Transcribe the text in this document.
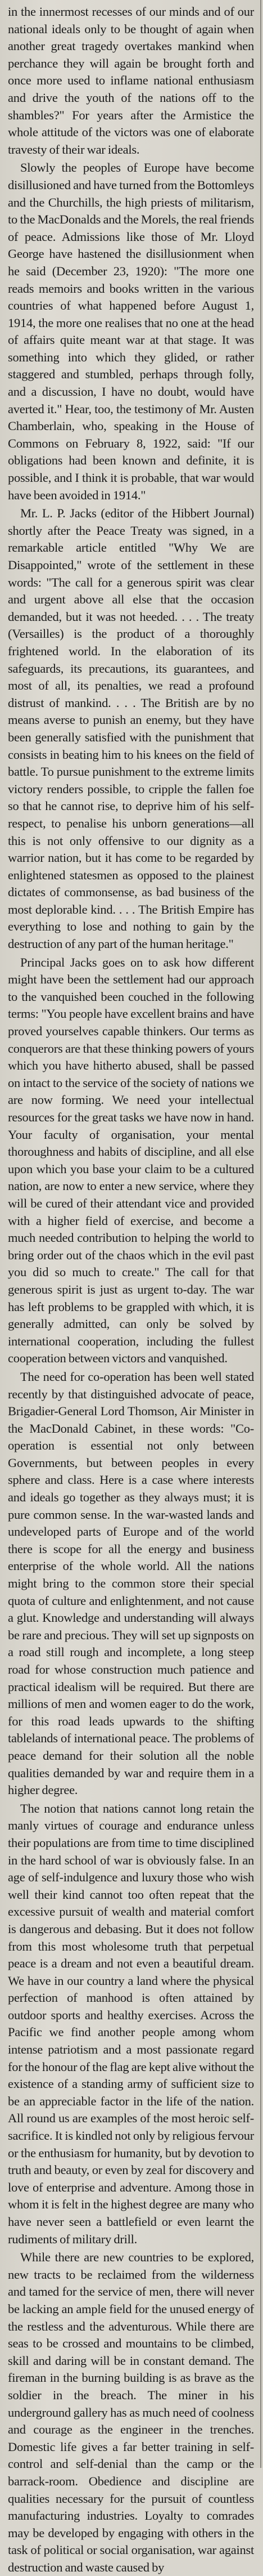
in the innermost recesses of our minds and of our national ideals only to be thought of again when another great tragedy overtakes mankind when perchance they will again be brought forth and once more used to inflame national enthusiasm and drive the youth of the nations off to the shambles?" For years after the Armistice the whole attitude of the victors was one of elaborate travesty of their war ideals.

Slowly the peoples of Europe have become disillusioned and have turned from the Bottomleys and the Churchills, the high priests of militarism, to the MacDonalds and the Morels, the real friends of peace. Admissions like those of Mr. Lloyd George have hastened the disillusionment when he said (December 23, 1920): "The more one reads memoirs and books written in the various countries of what happened before August 1, 1914, the more one realises that no one at the head of affairs quite meant war at that stage. It was something into which they glided, or rather staggered and stumbled, perhaps through folly, and a discussion, I have no doubt, would have averted it." Hear, too, the testimony of Mr. Austen Chamberlain, who, speaking in the House of Commons on February 8, 1922, said: "If our obligations had been known and definite, it is possible, and I think it is probable, that war would have been avoided in 1914."

Mr. L. P. Jacks (editor of the Hibbert Journal) shortly after the Peace Treaty was signed, in a remarkable article entitled "Why We are Disappointed," wrote of the settlement in these words: "The call for a generous spirit was clear and urgent above all else that the occasion demanded, but it was not heeded. . . . The treaty (Versailles) is the product of a thoroughly frightened world. In the elaboration of its safeguards, its precautions, its guarantees, and most of all, its penalties, we read a profound distrust of mankind. . . . The British are by no means averse to punish an enemy, but they have been generally satisfied with the punishment that consists in beating him to his knees on the field of battle. To pursue punishment to the extreme limits victory renders possible, to cripple the fallen foe so that he cannot rise, to deprive him of his self-respect, to penalise his unborn generations—all this is not only offensive to our dignity as a warrior nation, but it has come to be regarded by enlightened statesmen as opposed to the plainest dictates of commonsense, as bad business of the most deplorable kind. . . . The British Empire has everything to lose and nothing to gain by the destruction of any part of the human heritage."

Principal Jacks goes on to ask how different might have been the settlement had our approach to the vanquished been couched in the following terms: "You people have excellent brains and have proved yourselves capable thinkers. Our terms as conquerors are that these thinking powers of yours which you have hitherto abused, shall be passed on intact to the service of the society of nations we are now forming. We need your intellectual resources for the great tasks we have now in hand. Your faculty of organisation, your mental thoroughness and habits of discipline, and all else upon which you base your claim to be a cultured nation, are now to enter a new service, where they will be cured of their attendant vice and provided with a higher field of exercise, and become a much needed contribution to helping the world to bring order out of the chaos which in the evil past you did so much to create." The call for that generous spirit is just as urgent to-day. The war has left problems to be grappled with which, it is generally admitted, can only be solved by international cooperation, including the fullest cooperation between victors and vanquished.

The need for co-operation has been well stated recently by that distinguished advocate of peace, Brigadier-General Lord Thomson, Air Minister in the MacDonald Cabinet, in these words: "Co-operation is essential not only between Governments, but between peoples in every sphere and class. Here is a case where interests and ideals go together as they always must; it is pure common sense. In the war-wasted lands and undeveloped parts of Europe and of the world there is scope for all the energy and business enterprise of the whole world. All the nations might bring to the common store their special quota of culture and enlightenment, and not cause a glut. Knowledge and understanding will always be rare and precious. They will set up signposts on a road still rough and incomplete, a long steep road for whose construction much patience and practical idealism will be required. But there are millions of men and women eager to do the work, for this road leads upwards to the shifting tablelands of international peace. The problems of peace demand for their solution all the noble qualities demanded by war and require them in a higher degree.

The notion that nations cannot long retain the manly virtues of courage and endurance unless their populations are from time to time disciplined in the hard school of war is obviously false. In an age of self-indulgence and luxury those who wish well their kind cannot too often repeat that the excessive pursuit of wealth and material comfort is dangerous and debasing. But it does not follow from this most wholesome truth that perpetual peace is a dream and not even a beautiful dream. We have in our country a land where the physical perfection of manhood is often attained by outdoor sports and healthy exercises. Across the Pacific we find another people among whom intense patriotism and a most passionate regard for the honour of the flag are kept alive without the existence of a standing army of sufficient size to be an appreciable factor in the life of the nation. All round us are examples of the most heroic self-sacrifice. It is kindled not only by religious fervour or the enthusiasm for humanity, but by devotion to truth and beauty, or even by zeal for discovery and love of enterprise and adventure. Among those in whom it is felt in the highest degree are many who have never seen a battlefield or even learnt the rudiments of military drill.

While there are new countries to be explored, new tracts to be reclaimed from the wilderness and tamed for the service of men, there will never be lacking an ample field for the unused energy of the restless and the adventurous. While there are seas to be crossed and mountains to be climbed, skill and daring will be in constant demand. The fireman in the burning building is as brave as the soldier in the breach. The miner in his underground gallery has as much need of coolness and courage as the engineer in the trenches. Domestic life gives a far better training in self-control and self-denial than the camp or the barrack-room. Obedience and discipline are qualities necessary for the pursuit of countless manufacturing industries. Loyalty to comrades may be developed by engaging with others in the task of political or social organisation, war against destruction and waste caused by
